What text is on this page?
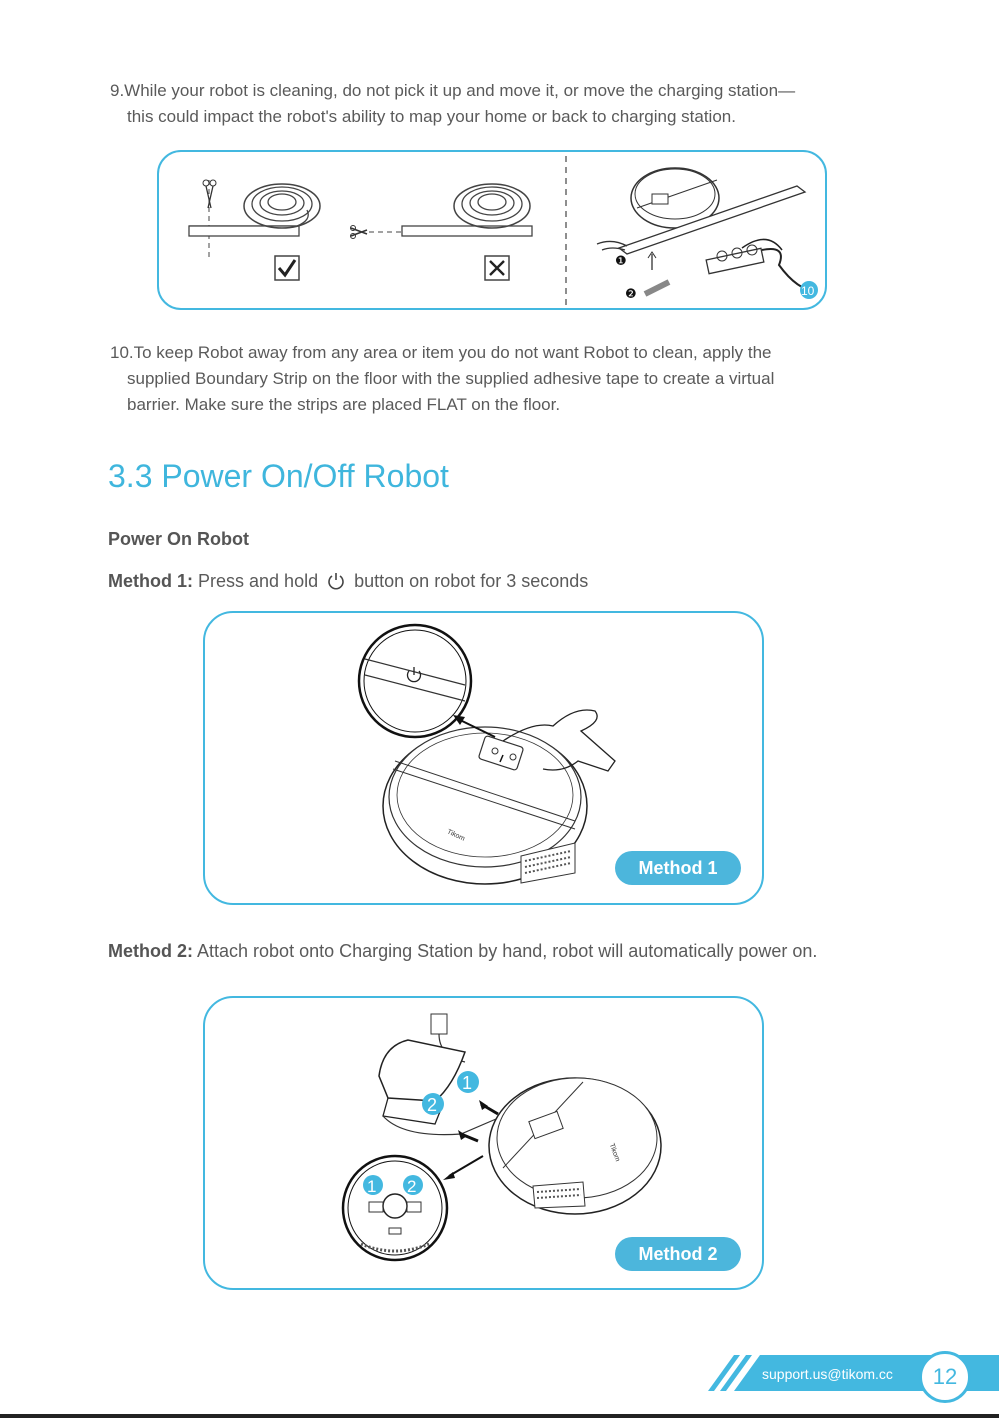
9.While your robot is cleaning, do not pick it up and move it, or move the charging station—
this could impact the robot's ability to map your home or back to charging station.

❶
❷	10

10.To keep Robot away from any area or item you do not want Robot to clean, apply the
supplied Boundary Strip on the floor with the supplied adhesive tape to create a virtual
barrier. Make sure the strips are placed FLAT on the floor.

3.3 Power On/Off Robot
Power On Robot

Method 1: Press and hold button on robot for 3 seconds

Tikom
Method 1

Method 2: Attach robot onto Charging Station by hand, robot will automatically power on.

Tikom
1
2
1 2
Method 2
support.us@tikom.cc	12
